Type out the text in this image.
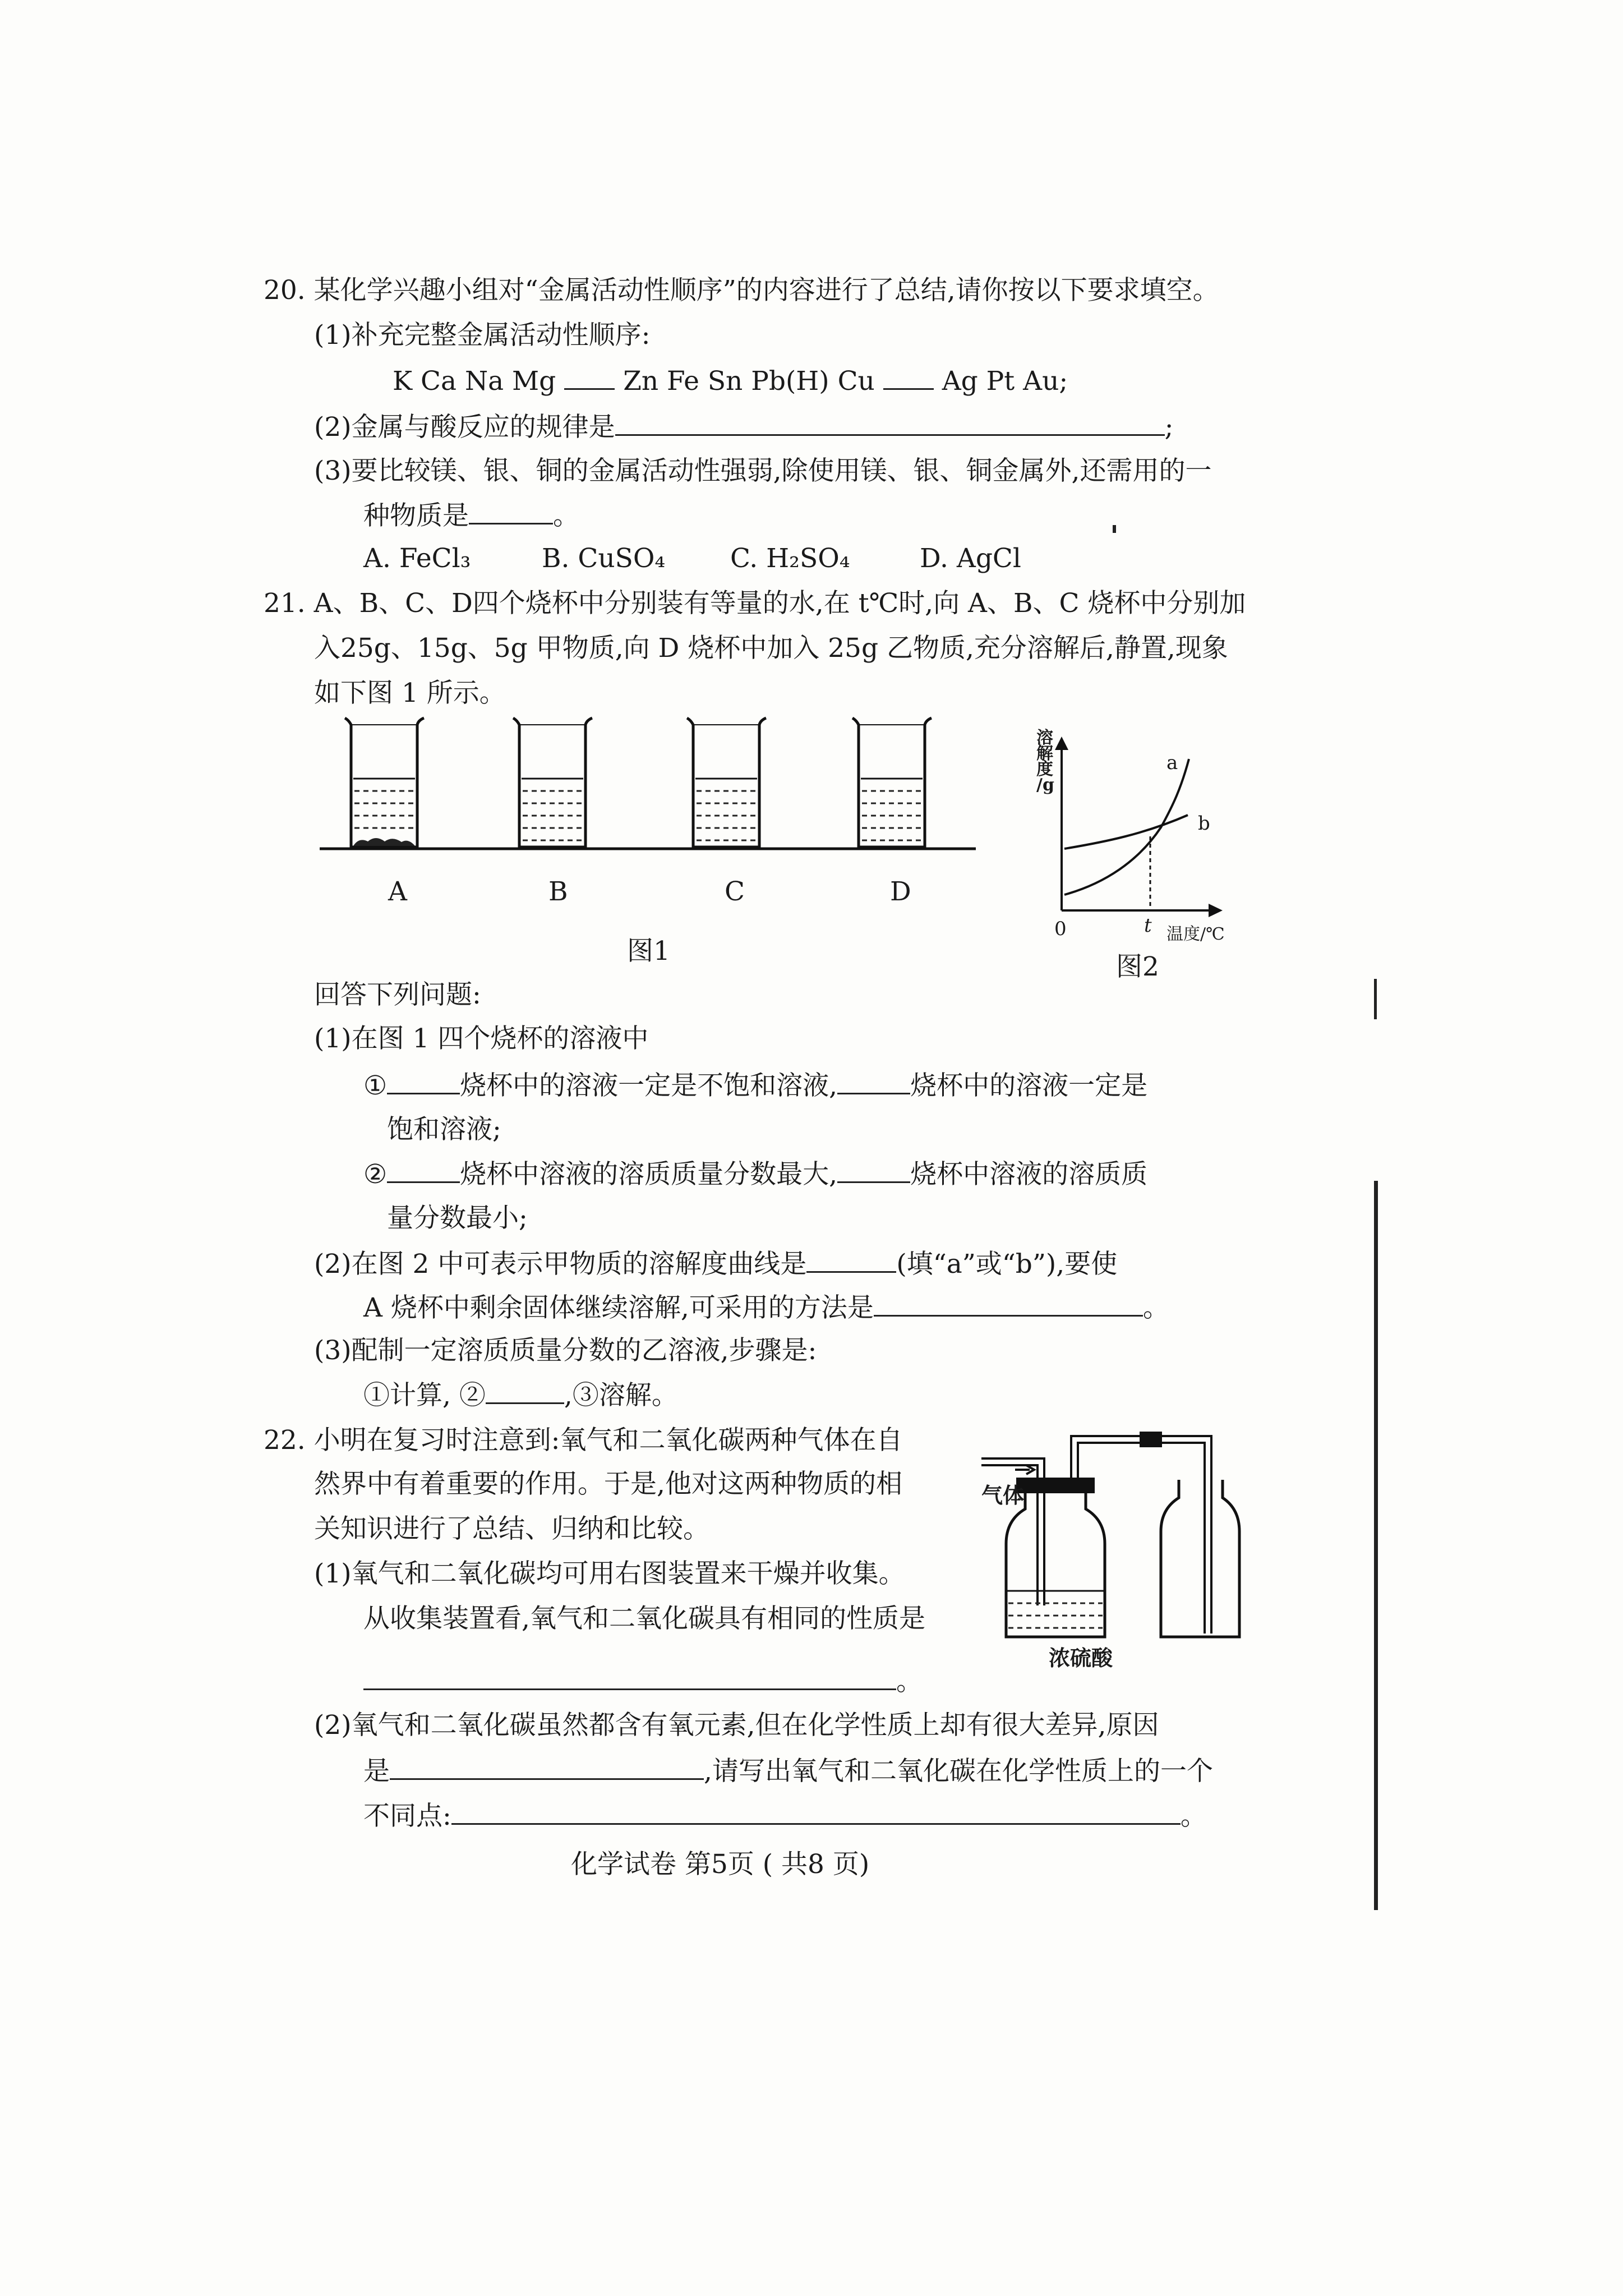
20. 某化学兴趣小组对“金属活动性顺序”的内容进行了总结,请你按以下要求填空。
(1)补充完整金属活动性顺序:
K Ca Na Mg	Zn Fe Sn Pb(H) Cu	Ag Pt Au;
(2)金属与酸反应的规律是	;
(3)要比较镁、银、铜的金属活动性强弱,除使用镁、银、铜金属外,还需用的一
种物质是	。
A. FeCl₃	B. CuSO₄ C. H₂SO₄	D. AgCl
21. A、B、C、D四个烧杯中分别装有等量的水,在 t℃时,向 A、B、C 烧杯中分别加
入25g、15g、5g 甲物质,向 D 烧杯中加入 25g 乙物质,充分溶解后,静置,现象
如下图 1 所示。
A	B	C	D
图1
溶
解
度
/g
a
b
0	t 温度/℃
图2
回答下列问题:
(1)在图 1 四个烧杯的溶液中
①	烧杯中的溶液一定是不饱和溶液,	烧杯中的溶液一定是
饱和溶液;
②	烧杯中溶液的溶质质量分数最大,	烧杯中溶液的溶质质
量分数最小;
(2)在图 2 中可表示甲物质的溶解度曲线是	(填“a”或“b”),要使
A 烧杯中剩余固体继续溶解,可采用的方法是	。
(3)配制一定溶质质量分数的乙溶液,步骤是:
①计算, ②	,③溶解。
22. 小明在复习时注意到:氧气和二氧化碳两种气体在自
然界中有着重要的作用。于是,他对这两种物质的相
关知识进行了总结、归纳和比较。
(1)氧气和二氧化碳均可用右图装置来干燥并收集。
从收集装置看,氧气和二氧化碳具有相同的性质是
。
气体
浓硫酸
(2)氧气和二氧化碳虽然都含有氧元素,但在化学性质上却有很大差异,原因
是	,请写出氧气和二氧化碳在化学性质上的一个
不同点:	。
化学试卷 第5页 ( 共8 页)
